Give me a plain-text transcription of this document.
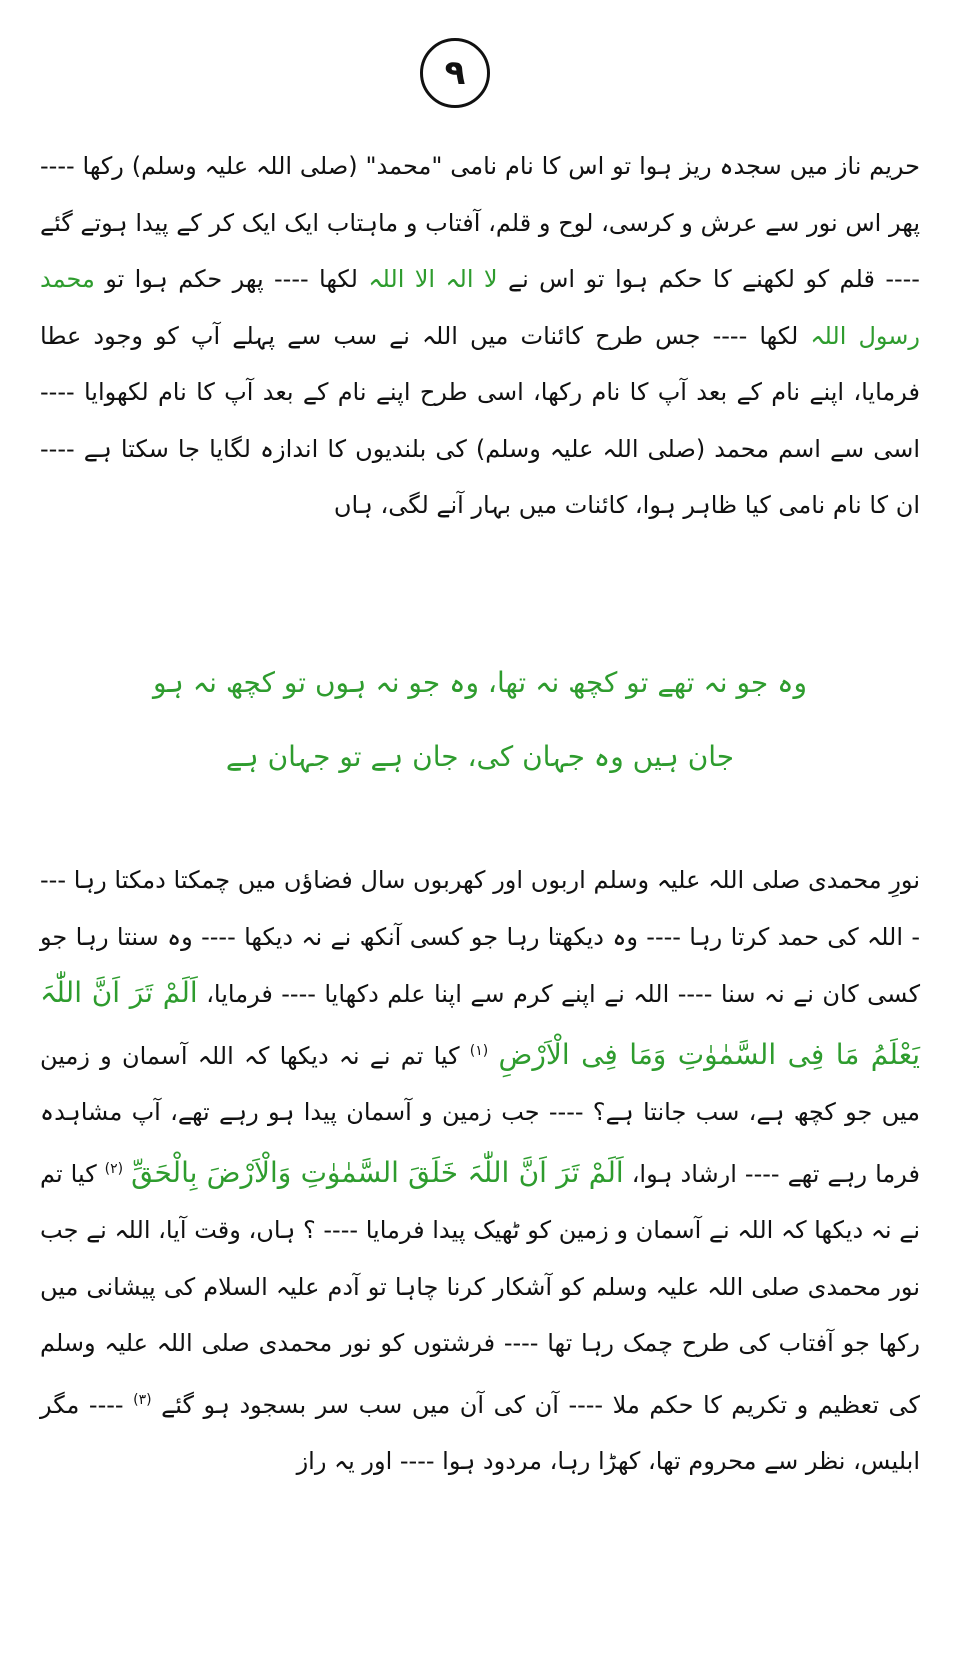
۹
حریم ناز میں سجدہ ریز ہوا تو اس کا نام نامی "محمد" (صلی اللہ علیہ وسلم) رکھا ---- پھر اس نور سے عرش و کرسی، لوح و قلم، آفتاب و ماہتاب ایک ایک کر کے پیدا ہوتے گئے ---- قلم کو لکھنے کا حکم ہوا تو اس نے لا الہ الا اللہ لکھا ---- پھر حکم ہوا تو محمد رسول اللہ لکھا ---- جس طرح کائنات میں اللہ نے سب سے پہلے آپ کو وجود عطا فرمایا، اپنے نام کے بعد آپ کا نام رکھا، اسی طرح اپنے نام کے بعد آپ کا نام لکھوایا ---- اسی سے اسم محمد (صلی اللہ علیہ وسلم) کی بلندیوں کا اندازہ لگایا جا سکتا ہے ---- ان کا نام نامی کیا ظاہر ہوا، کائنات میں بہار آنے لگی، ہاں
وہ جو نہ تھے تو کچھ نہ تھا، وہ جو نہ ہوں تو کچھ نہ ہو
جان ہیں وہ جہان کی، جان ہے تو جہان ہے
نورِ محمدی صلی اللہ علیہ وسلم اربوں اور کھربوں سال فضاؤں میں چمکتا دمکتا رہا ---- اللہ کی حمد کرتا رہا ---- وہ دیکھتا رہا جو کسی آنکھ نے نہ دیکھا ---- وہ سنتا رہا جو کسی کان نے نہ سنا ---- اللہ نے اپنے کرم سے اپنا علم دکھایا ---- فرمایا، اَلَمْ تَرَ اَنَّ اللّٰہَ یَعْلَمُ مَا فِی السَّمٰوٰتِ وَمَا فِی الْاَرْضِ $^{(۱)}$ کیا تم نے نہ دیکھا کہ اللہ آسمان و زمین میں جو کچھ ہے، سب جانتا ہے؟ ---- جب زمین و آسمان پیدا ہو رہے تھے، آپ مشاہدہ فرما رہے تھے ---- ارشاد ہوا، اَلَمْ تَرَ اَنَّ اللّٰہَ خَلَقَ السَّمٰوٰتِ وَالْاَرْضَ بِالْحَقِّ $^{(۲)}$ کیا تم نے نہ دیکھا کہ اللہ نے آسمان و زمین کو ٹھیک پیدا فرمایا ---- ؟ ہاں، وقت آیا، اللہ نے جب نور محمدی صلی اللہ علیہ وسلم کو آشکار کرنا چاہا تو آدم علیہ السلام کی پیشانی میں رکھا جو آفتاب کی طرح چمک رہا تھا ---- فرشتوں کو نور محمدی صلی اللہ علیہ وسلم کی تعظیم و تکریم کا حکم ملا ---- آن کی آن میں سب سر بسجود ہو گئے $^{(۳)}$ ---- مگر ابلیس، نظر سے محروم تھا، کھڑا رہا، مردود ہوا ---- اور یہ راز
